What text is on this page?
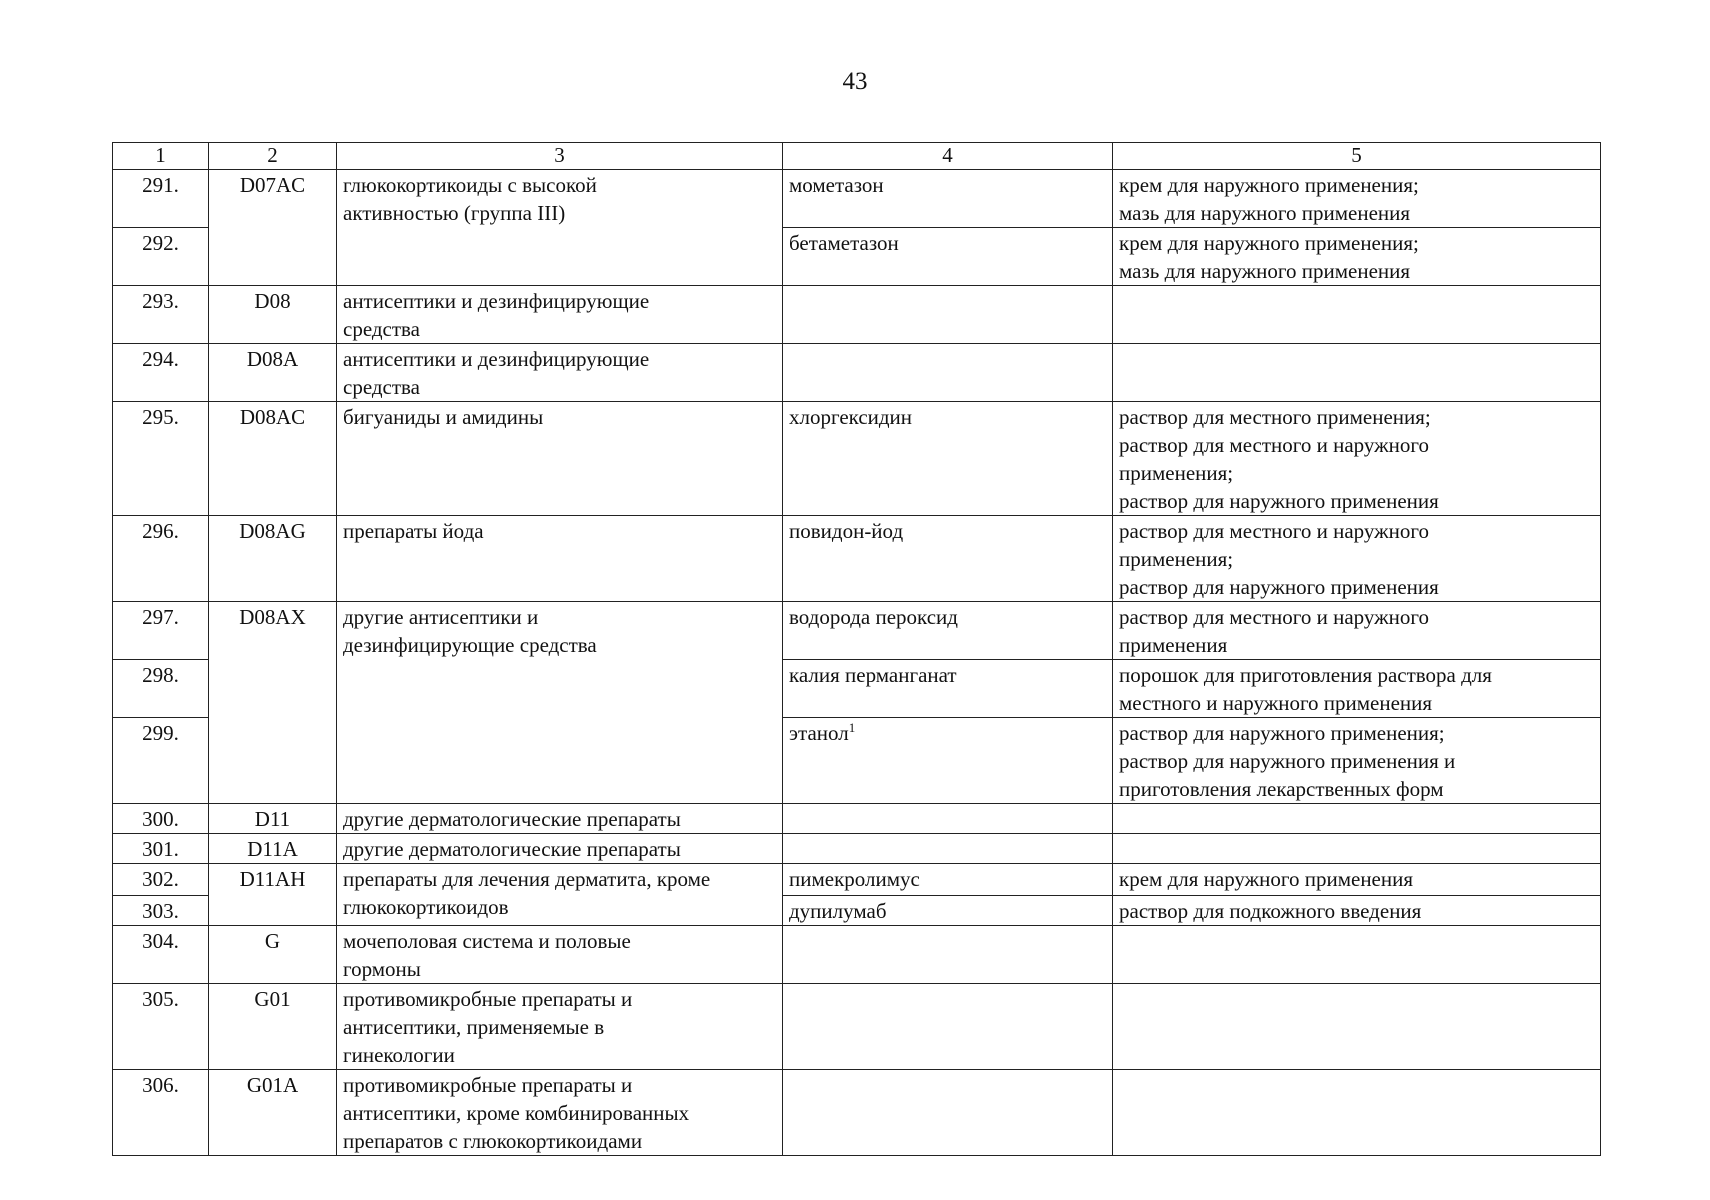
43
1	2	3	4	5
291.	D07AC	глюкокортикоиды с высокой
активностью (группа III)	мометазон	крем для наружного применения;
мазь для наружного применения
292.			бетаметазон	крем для наружного применения;
мазь для наружного применения
293.	D08	антисептики и дезинфицирующие
средства		
294.	D08A	антисептики и дезинфицирующие
средства		
295.	D08AC	бигуаниды и амидины	хлоргексидин	раствор для местного применения;
раствор для местного и наружного
применения;
раствор для наружного применения
296.	D08AG	препараты йода	повидон-йод	раствор для местного и наружного
применения;
раствор для наружного применения
297.	D08AX	другие антисептики и
дезинфицирующие средства	водорода пероксид	раствор для местного и наружного
применения
298.			калия перманганат	порошок для приготовления раствора для
местного и наружного применения
299.			этанол$^1$	раствор для наружного применения;
раствор для наружного применения и
приготовления лекарственных форм
300.	D11	другие дерматологические препараты		
301.	D11A	другие дерматологические препараты		
302.	D11AH	препараты для лечения дерматита, кроме
глюкокортикоидов	пимекролимус	крем для наружного применения
303.			дупилумаб	раствор для подкожного введения
304.	G	мочеполовая система и половые
гормоны		
305.	G01	противомикробные препараты и
антисептики, применяемые в
гинекологии		
306.	G01A	противомикробные препараты и
антисептики, кроме комбинированных
препаратов с глюкокортикоидами		
